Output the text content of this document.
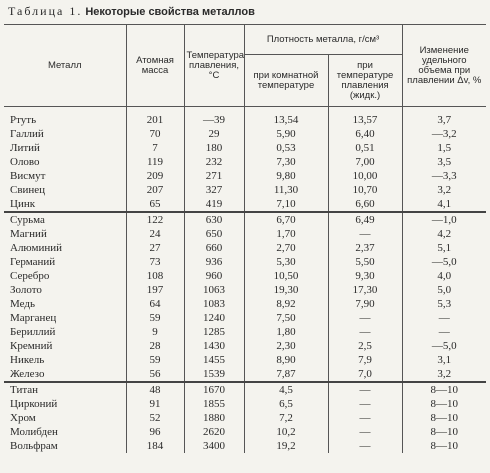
Таблица 1. Некоторые свойства металлов
Металл	Атомная масса	Температура плавления, °С	Плотность металла, г/см³		Изменение удельного объема при плавлении Δv, %
			при комнатной температуре	при температуре плавления (жидк.)	
Ртуть	201	—39	13,54	13,57	3,7
Галлий	70	29	5,90	6,40	—3,2
Литий	7	180	0,53	0,51	1,5
Олово	119	232	7,30	7,00	3,5
Висмут	209	271	9,80	10,00	—3,3
Свинец	207	327	11,30	10,70	3,2
Цинк	65	419	7,10	6,60	4,1
Сурьма	122	630	6,70	6,49	—1,0
Магний	24	650	1,70	—	4,2
Алюминий	27	660	2,70	2,37	5,1
Германий	73	936	5,30	5,50	—5,0
Серебро	108	960	10,50	9,30	4,0
Золото	197	1063	19,30	17,30	5,0
Медь	64	1083	8,92	7,90	5,3
Марганец	59	1240	7,50	—	—
Бериллий	9	1285	1,80	—	—
Кремний	28	1430	2,30	2,5	—5,0
Никель	59	1455	8,90	7,9	3,1
Железо	56	1539	7,87	7,0	3,2
Титан	48	1670	4,5	—	8—10
Цирконий	91	1855	6,5	—	8—10
Хром	52	1880	7,2	—	8—10
Молибден	96	2620	10,2	—	8—10
Вольфрам	184	3400	19,2	—	8—10
